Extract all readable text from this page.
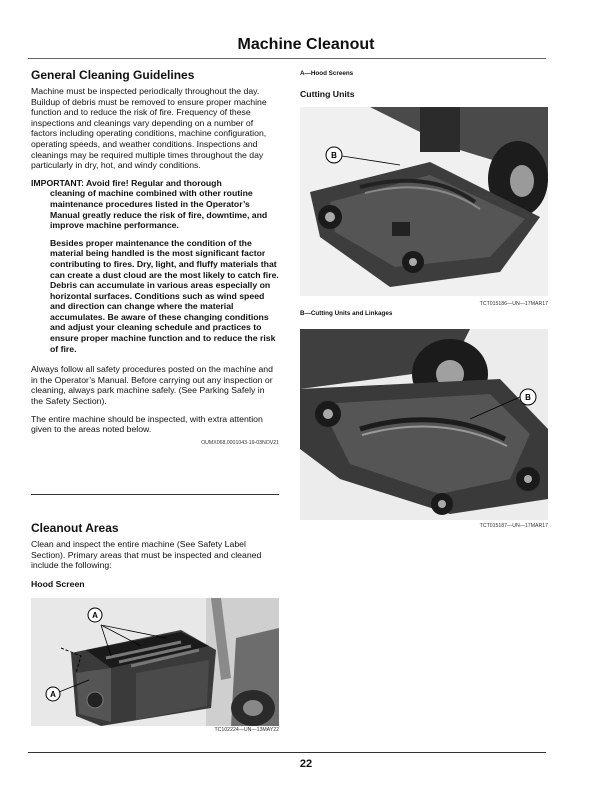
Machine Cleanout
General Cleaning Guidelines

Machine must be inspected periodically throughout the day. Buildup of debris must be removed to ensure proper machine function and to reduce the risk of fire. Frequency of these inspections and cleanings vary depending on a number of factors including operating conditions, machine configuration, operating speeds, and weather conditions. Inspections and cleanings may be required multiple times throughout the day particularly in dry, hot, and windy conditions.

IMPORTANT: Avoid fire! Regular and thorough
cleaning of machine combined with other routine maintenance procedures listed in the Operator’s Manual greatly reduce the risk of fire, downtime, and improve machine performance.
Besides proper maintenance the condition of the material being handled is the most significant factor contributing to fires. Dry, light, and fluffy materials that can create a dust cloud are the most likely to catch fire. Debris can accumulate in various areas especially on horizontal surfaces. Conditions such as wind speed and direction can change where the material accumulates. Be aware of these changing conditions and adjust your cleaning schedule and practices to ensure proper machine function and to reduce the risk of fire.

Always follow all safety procedures posted on the machine and in the Operator’s Manual. Before carrying out any inspection or cleaning, always park machine safely. (See Parking Safely in the Safety Section).

The entire machine should be inspected, with extra attention given to the areas noted below.

OUMX068,0001043-19-03NOV21

Cleanout Areas

Clean and inspect the entire machine (See Safety Label Section). Primary areas that must be inspected and cleaned include the following:

Hood Screen

A
A

TC102224—UN—13MAY22

A—Hood Screens

Cutting Units

B

TCT015186—UN—17MAR17

B—Cutting Units and Linkages

B

TCT015187—UN—17MAR17

22
